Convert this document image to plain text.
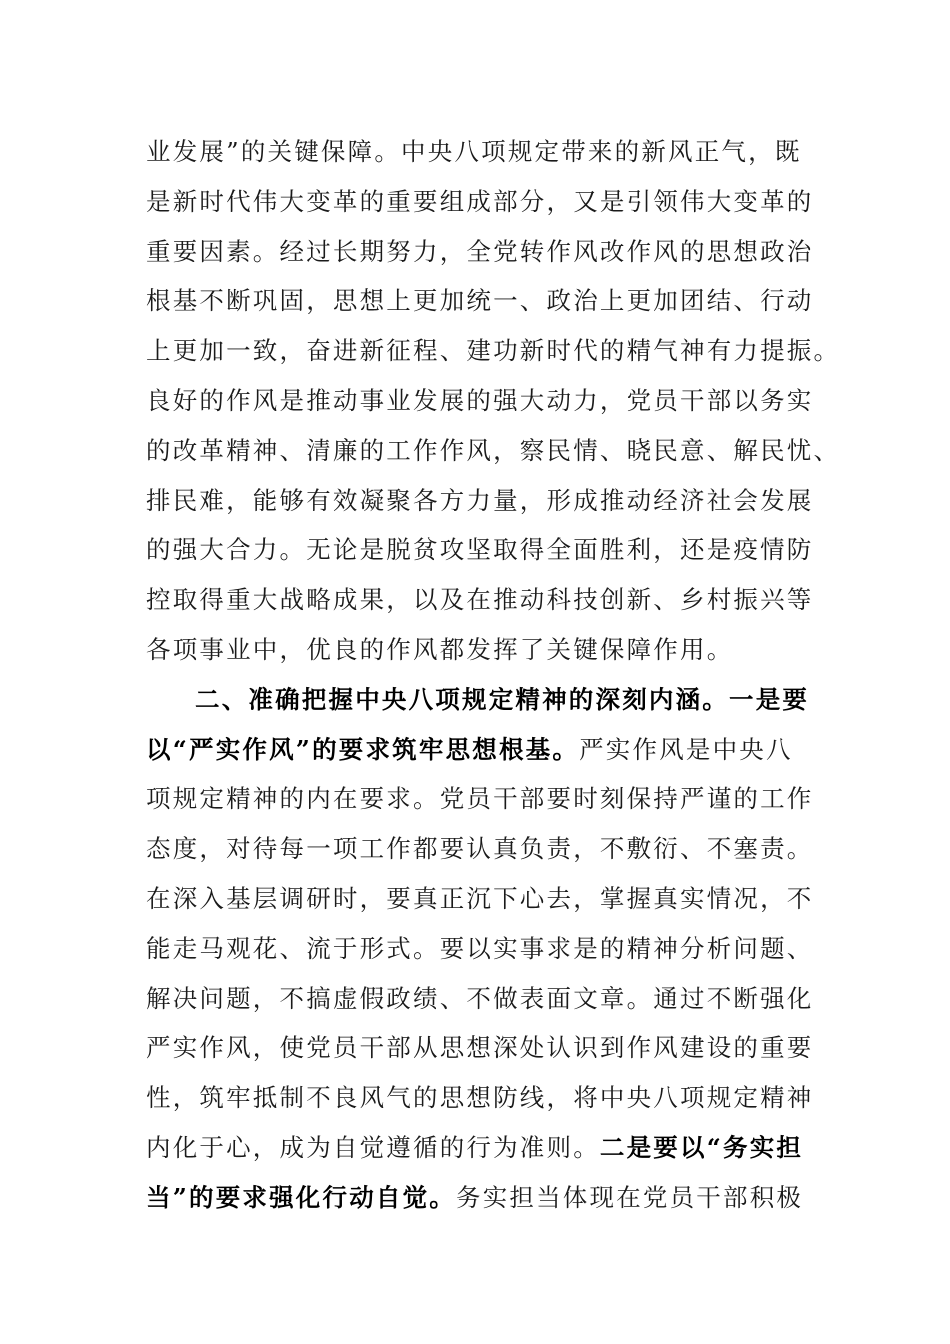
业发展”的关键保障。中央八项规定带来的新风正气，既
是新时代伟大变革的重要组成部分，又是引领伟大变革的
重要因素。经过长期努力，全党转作风改作风的思想政治
根基不断巩固，思想上更加统一、政治上更加团结、行动
上更加一致，奋进新征程、建功新时代的精气神有力提振。
良好的作风是推动事业发展的强大动力，党员干部以务实
的改革精神、清廉的工作作风，察民情、晓民意、解民忧、
排民难，能够有效凝聚各方力量，形成推动经济社会发展
的强大合力。无论是脱贫攻坚取得全面胜利，还是疫情防
控取得重大战略成果，以及在推动科技创新、乡村振兴等
各项事业中，优良的作风都发挥了关键保障作用。
二、准确把握中央八项规定精神的深刻内涵。一是要
以“严实作风”的要求筑牢思想根基。严实作风是中央八
项规定精神的内在要求。党员干部要时刻保持严谨的工作
态度，对待每一项工作都要认真负责，不敷衍、不塞责。
在深入基层调研时，要真正沉下心去，掌握真实情况，不
能走马观花、流于形式。要以实事求是的精神分析问题、
解决问题，不搞虚假政绩、不做表面文章。通过不断强化
严实作风，使党员干部从思想深处认识到作风建设的重要
性，筑牢抵制不良风气的思想防线，将中央八项规定精神
内化于心，成为自觉遵循的行为准则。二是要以“务实担
当”的要求强化行动自觉。务实担当体现在党员干部积极
